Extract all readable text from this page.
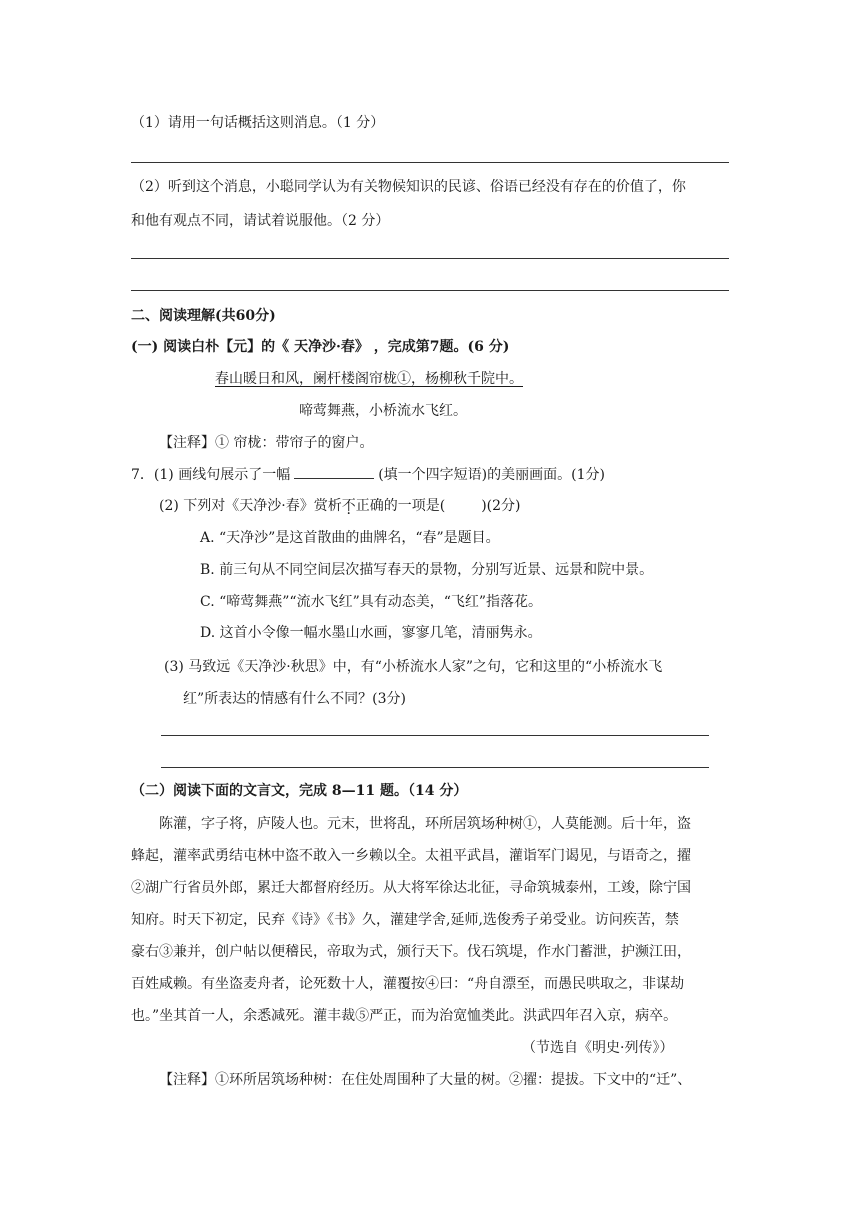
（1）请用一句话概括这则消息。（1 分）
（2）听到这个消息，小聪同学认为有关物候知识的民谚、俗语已经没有存在的价值了，你
和他有观点不同，请试着说服他。（2 分）
二、阅读理解(共60分)
(一) 阅读白朴【元】的《 天净沙·春》 ，完成第7题。(6 分)
春山暖日和风，阑杆楼阁帘栊①，杨柳秋千院中。
啼莺舞燕，小桥流水飞红。
【注释】① 帘栊：带帘子的窗户。
7．(1) 画线句展示了一幅	(填一个四字短语)的美丽画面。(1分)
(2) 下列对《天净沙·春》赏析不正确的一项是(	)(2分)
A. “天净沙”是这首散曲的曲牌名，“春”是题目。
B. 前三句从不同空间层次描写春天的景物，分别写近景、远景和院中景。
C. “啼莺舞燕”“流水飞红”具有动态美，“飞红”指落花。
D. 这首小令像一幅水墨山水画，寥寥几笔，清丽隽永。
(3) 马致远《天净沙·秋思》中，有“小桥流水人家”之句，它和这里的“小桥流水飞
红”所表达的情感有什么不同？(3分)
（二）阅读下面的文言文，完成 8—11 题。（14 分）
陈灌，字子将，庐陵人也。元末，世将乱，环所居筑场种树①，人莫能测。后十年，盗
蜂起，灌率武勇结屯林中盗不敢入一乡赖以全。太祖平武昌，灌诣军门谒见，与语奇之，擢
②湖广行省员外郎，累迁大都督府经历。从大将军徐达北征，寻命筑城泰州，工竣，除宁国
知府。时天下初定，民弃《诗》《书》久，灌建学舍,延师,选俊秀子弟受业。访问疾苦，禁
豪右③兼并，创户帖以便稽民，帝取为式，颁行天下。伐石筑堤，作水门蓄泄，护濒江田，
百姓咸赖。有坐盗麦舟者，论死数十人，灌覆按④曰：“舟自漂至，而愚民哄取之，非谋劫
也。”坐其首一人，余悉减死。灌丰裁⑤严正，而为治宽恤类此。洪武四年召入京，病卒。
（节选自《明史·列传》）
【注释】①环所居筑场种树：在住处周围种了大量的树。②擢：提拔。下文中的“迁”、
